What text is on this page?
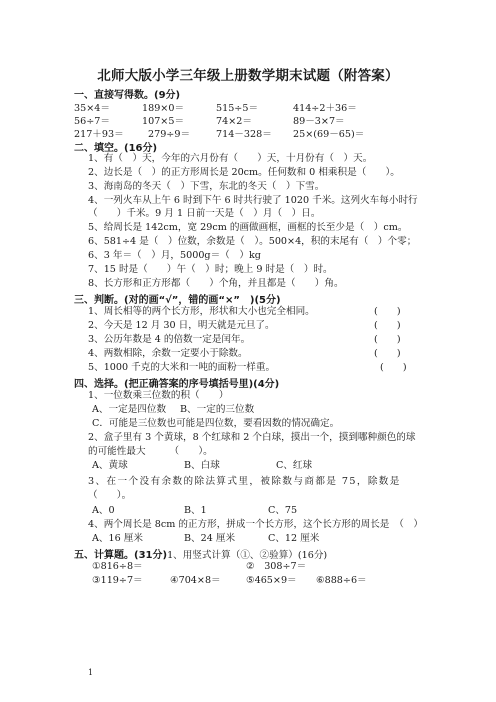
北师大版小学三年级上册数学期末试题（附答案）
一、直接写得数。(9分)
35×4＝	189×0＝	515÷5＝	414÷2＋36＝
56÷7＝	107×5＝	74×2＝	89－3×7＝
217＋93＝	279÷9＝	714－328＝ 25×(69－65)＝
二、填空。(16分)
1、有（　）天，今年的六月份有（　　）天，十月份有（　）天。
2、边长是（　）的正方形周长是 20cm。任何数和 0 相乘积是（　　）。
3、海南岛的冬天（　）下雪，东北的冬天（　）下雪。
4、一列火车从上午 6 时到下午 6 时共行驶了 1020 千米。这列火车每小时行
（　　）千米。9 月 1 日前一天是（　）月（　）日。
5、给周长是 142cm，宽 29cm 的画做画框，画框的长至少是（　）cm。
6、581÷4 是（　）位数，余数是（　）。500×4，积的末尾有（　）个零；
6、3 年＝（　）月，5000g＝（　）kg
7、15 时是（　　）午（　）时；晚上 9 时是（　）时。
8、长方形和正方形都（　　）个角，并且都是（　　）角。
三、判断。(对的画“√”，错的画“×”　)(5分)
1、周长相等的两个长方形，形状和大小也完全相同。	(　　)
2、今天是 12 月 30 日，明天就是元旦了。	(　　)
3、公历年数是 4 的倍数一定是闰年。	(　　)
4、两数相除，余数一定要小于除数。	(　　)
5、1000 千克的大米和一吨的面粉一样重。	(　　)
四、选择。(把正确答案的序号填括号里)(4分)
1、一位数乘三位数的积（　　）
A、一定是四位数 B、一定的三位数
C．可能是三位数也可能是四位数，要看因数的情况确定。
2、盒子里有 3 个黄球，8 个红球和 2 个白球，摸出一个，摸到哪种颜色的球
的可能性最大　　　（　　）。
A、黄球	B、白球	C、红球
3、在一个没有余数的除法算式里，被除数与商都是 75，除数是
（　　）。
A、0	B、1	C、75
4、两个周长是 8cm 的正方形，拼成一个长方形，这个长方形的周长是　（　）
A、16 厘米	B、24 厘米	C、12 厘米
五、计算题。(31分)1、用竖式计算（①、②验算）(16分)
①816÷8＝	②　308÷7＝
③119÷7＝	④704×8＝	⑤465×9＝ ⑥888÷6＝
1
